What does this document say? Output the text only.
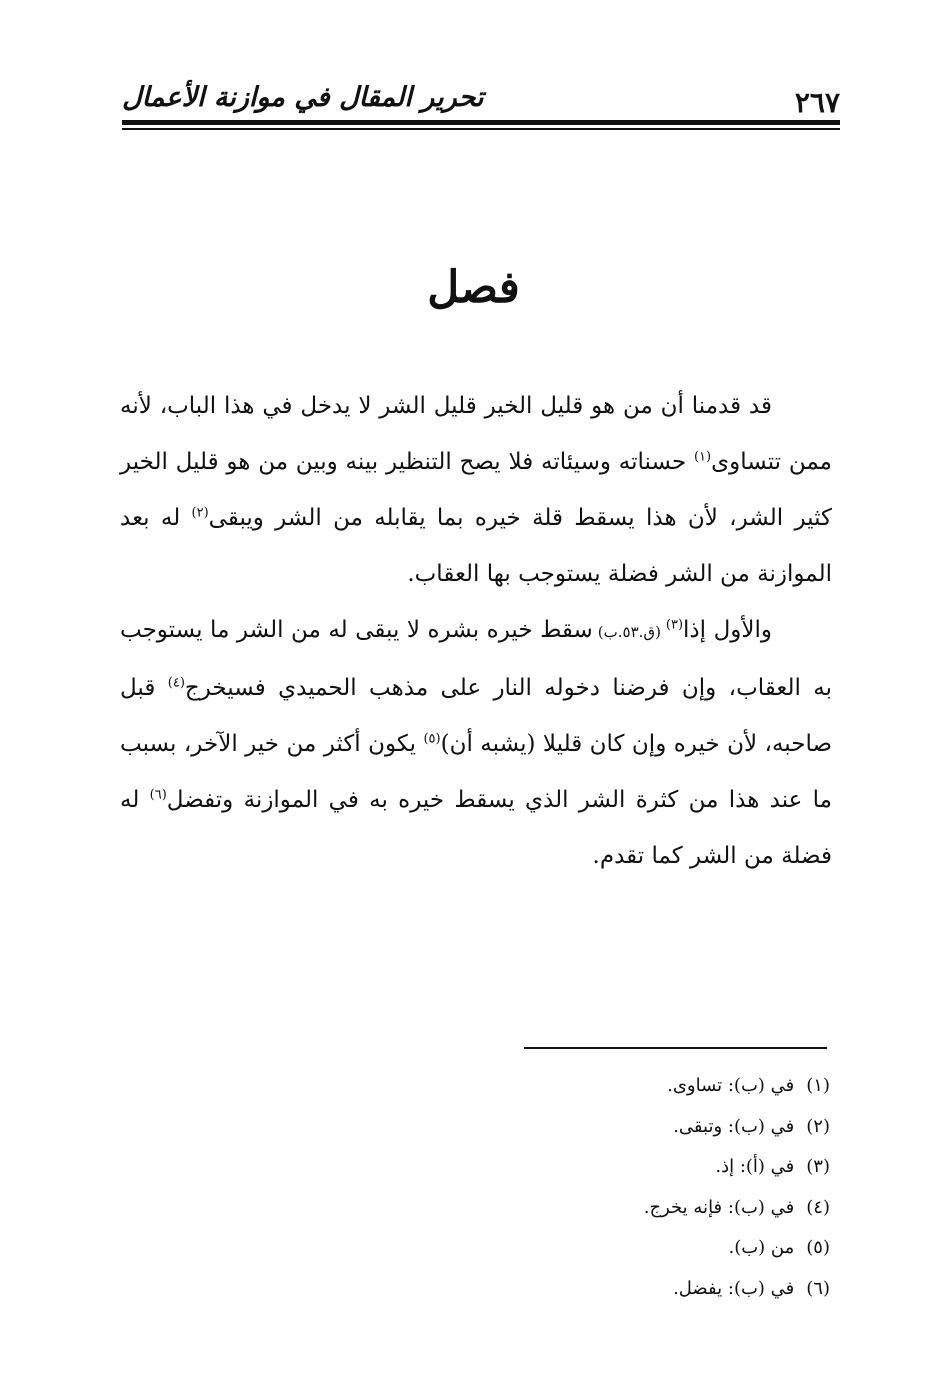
٢٦٧
تحرير المقال في موازنة الأعمال
فصل

قد قدمنا أن من هو قليل الخير قليل الشر لا يدخل في هذا الباب، لأنه ممن تتساوى$^{(١)}$ حسناته وسيئاته فلا يصح التنظير بينه وبين من هو قليل الخير كثير الشر، لأن هذا يسقط قلة خيره بما يقابله من الشر ويبقى$^{(٢)}$ له بعد الموازنة من الشر فضلة يستوجب بها العقاب.

والأول إذا$^{(٣)}$ (ق.٥٣.ب) سقط خيره بشره لا يبقى له من الشر ما يستوجب به العقاب، وإن فرضنا دخوله النار على مذهب الحميدي فسيخرج$^{(٤)}$ قبل صاحبه، لأن خيره وإن كان قليلا (يشبه أن)$^{(٥)}$ يكون أكثر من خير الآخر، بسبب ما عند هذا من كثرة الشر الذي يسقط خيره به في الموازنة وتفضل$^{(٦)}$ له فضلة من الشر كما تقدم.

(١)في (ب): تساوى.
(٢)في (ب): وتبقى.
(٣)في (أ): إذ.
(٤)في (ب): فإنه يخرج.
(٥)من (ب).
(٦)في (ب): يفضل.
